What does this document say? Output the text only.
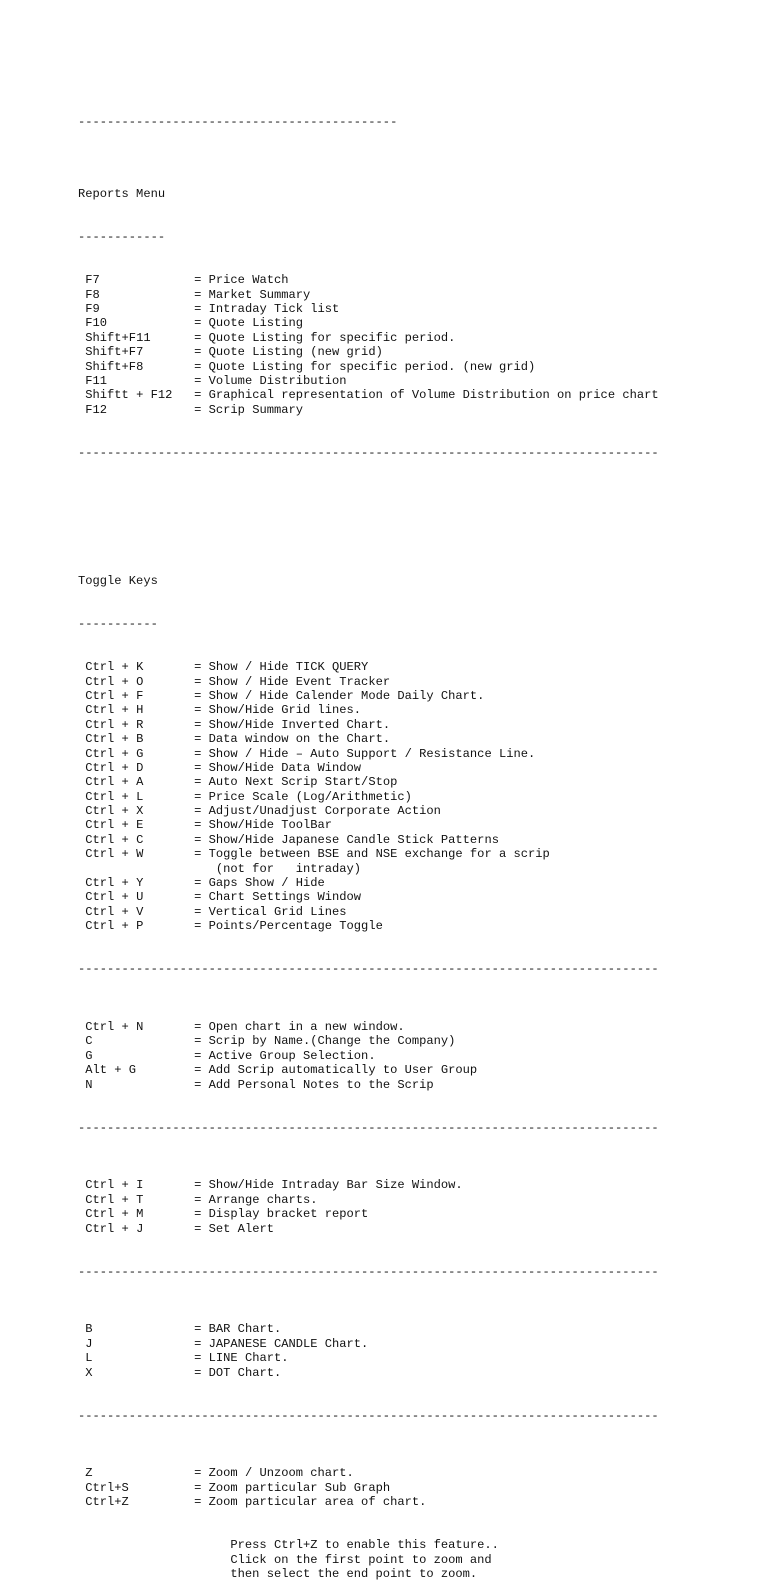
--------------------------------------------

Reports Menu

------------

F7	= Price Watch
F8	= Market Summary
F9	= Intraday Tick list
F10	= Quote Listing
Shift+F11	= Quote Listing for specific period.
Shift+F7	= Quote Listing (new grid)
Shift+F8	= Quote Listing for specific period. (new grid)
F11	= Volume Distribution
Shiftt + F12 = Graphical representation of Volume Distribution on price chart
F12	= Scrip Summary

--------------------------------------------------------------------------------

Toggle Keys

-----------

Ctrl + K	= Show / Hide TICK QUERY
Ctrl + O	= Show / Hide Event Tracker
Ctrl + F	= Show / Hide Calender Mode Daily Chart.
Ctrl + H	= Show/Hide Grid lines.
Ctrl + R	= Show/Hide Inverted Chart.
Ctrl + B	= Data window on the Chart.
Ctrl + G	= Show / Hide – Auto Support / Resistance Line.
Ctrl + D	= Show/Hide Data Window
Ctrl + A	= Auto Next Scrip Start/Stop
Ctrl + L	= Price Scale (Log/Arithmetic)
Ctrl + X	= Adjust/Unadjust Corporate Action
Ctrl + E	= Show/Hide ToolBar
Ctrl + C	= Show/Hide Japanese Candle Stick Patterns
Ctrl + W	= Toggle between BSE and NSE exchange for a scrip
(not for   intraday)
Ctrl + Y	= Gaps Show / Hide
Ctrl + U	= Chart Settings Window
Ctrl + V	= Vertical Grid Lines
Ctrl + P	= Points/Percentage Toggle

--------------------------------------------------------------------------------

Ctrl + N	= Open chart in a new window.
C	= Scrip by Name.(Change the Company)
G	= Active Group Selection.
Alt + G	= Add Scrip automatically to User Group
N	= Add Personal Notes to the Scrip

--------------------------------------------------------------------------------

Ctrl + I	= Show/Hide Intraday Bar Size Window.
Ctrl + T	= Arrange charts.
Ctrl + M	= Display bracket report
Ctrl + J	= Set Alert

--------------------------------------------------------------------------------

B	= BAR Chart.
J	= JAPANESE CANDLE Chart.
L	= LINE Chart.
X	= DOT Chart.

--------------------------------------------------------------------------------

Z	= Zoom / Unzoom chart.
Ctrl+S	= Zoom particular Sub Graph
Ctrl+Z	= Zoom particular area of chart.

Press Ctrl+Z to enable this feature..
Click on the first point to zoom and
then select the end point to zoom.
